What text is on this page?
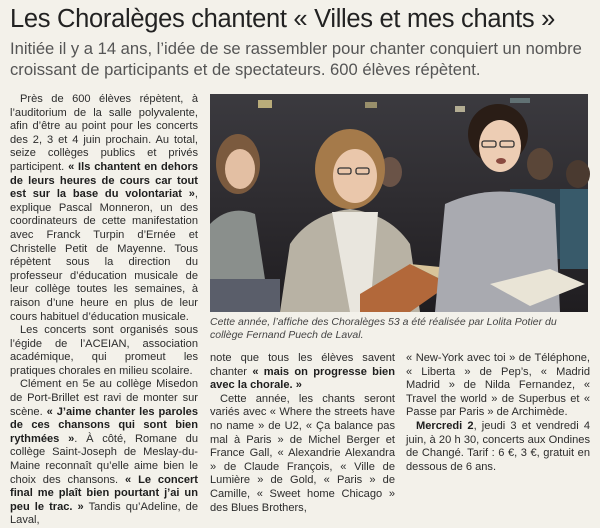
Les Choralèges chantent « Villes et mes chants »
Initiée il y a 14 ans, l’idée de se rassembler pour chanter conquiert un nombre croissant de participants et de spectateurs. 600 élèves répètent.

Près de 600 élèves répètent, à l’auditorium de la salle polyvalente, afin d’être au point pour les concerts des 2, 3 et 4 juin prochain. Au total, seize collèges publics et privés participent. « Ils chantent en dehors de leurs heures de cours car tout est sur la base du volontariat », explique Pascal Monneron, un des coordinateurs de cette manifestation avec Franck Turpin d’Ernée et Christelle Petit de Mayenne. Tous répètent sous la direction du professeur d’éducation musicale de leur collège toutes les semaines, à raison d’une heure en plus de leur cours habituel d’éducation musicale.

Les concerts sont organisés sous l’égide de l’ACEIAN, association académique, qui promeut les pratiques chorales en milieu scolaire.

Clément en 5e au collège Misedon de Port-Brillet est ravi de monter sur scène. « J’aime chanter les paroles de ces chansons qui sont bien rythmées ». À côté, Romane du collège Saint-Joseph de Meslay-du-Maine reconnaît qu’elle aime bien le choix des chansons. « Le concert final me plaît bien pourtant j’ai un peu le trac. » Tandis qu’Adeline, de Laval,

Cette année, l’affiche des Choralèges 53 a été réalisée par Lolita Potier du collège Fernand Puech de Laval.

note que tous les élèves savent chanter « mais on progresse bien avec la chorale. »

Cette année, les chants seront variés avec « Where the streets have no name » de U2, « Ça balance pas mal à Paris » de Michel Berger et France Gall, « Alexandrie Alexandra » de Claude François, « Ville de Lumière » de Gold, « Paris » de Camille, « Sweet home Chicago » des Blues Brothers,

« New-York avec toi » de Téléphone, « Liberta » de Pep’s, « Madrid Madrid » de Nilda Fernandez, « Travel the world » de Superbus et « Passe par Paris » de Archimède.

Mercredi 2, jeudi 3 et vendredi 4 juin, à 20 h 30, concerts aux Ondines de Changé. Tarif : 6 €, 3 €, gratuit en dessous de 6 ans.
